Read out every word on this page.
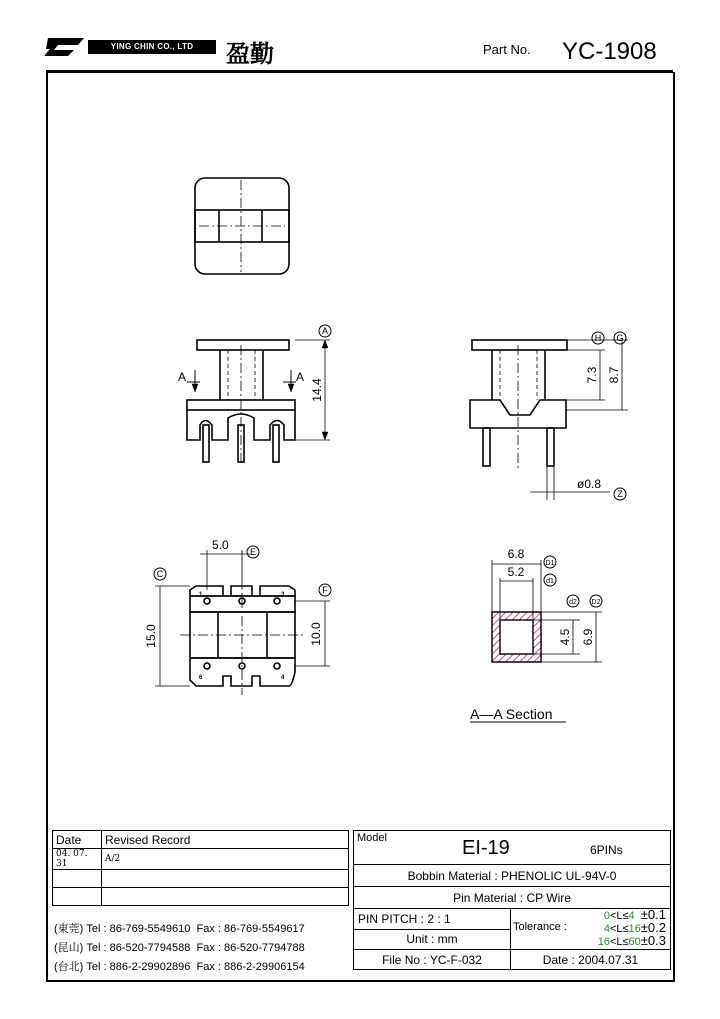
YING CHIN CO., LTD	盈勤	Part No. YC-1908
A
H G
Z
E
C
F
D1
d1
d2 D2
14.4
A	A	7.3 8.7
ø0.8
5.0
15.0	10.0
6.8
5.2
4.5 6.9
A—A Section
1	3
6	4
Date	Revised Record
04. 07. 31	A/2

(東莞) Tel : 86-769-5549610 Fax : 86-769-5549617
(昆山) Tel : 86-520-7794588 Fax : 86-520-7794788
(台北) Tel : 886-2-29902896 Fax : 886-2-29906154
Model EI-19 6PINs	

Bobbin Material : PHENOLIC UL-94V-0	
Pin Material : CP Wire	
PIN PITCH : 2 : 1	Tolerance :
0<L≤4 ±0.1
4<L≤16±0.2
16<L≤60±0.3

Unit : mm	
File No : YC-F-032	Date : 2004.07.31
